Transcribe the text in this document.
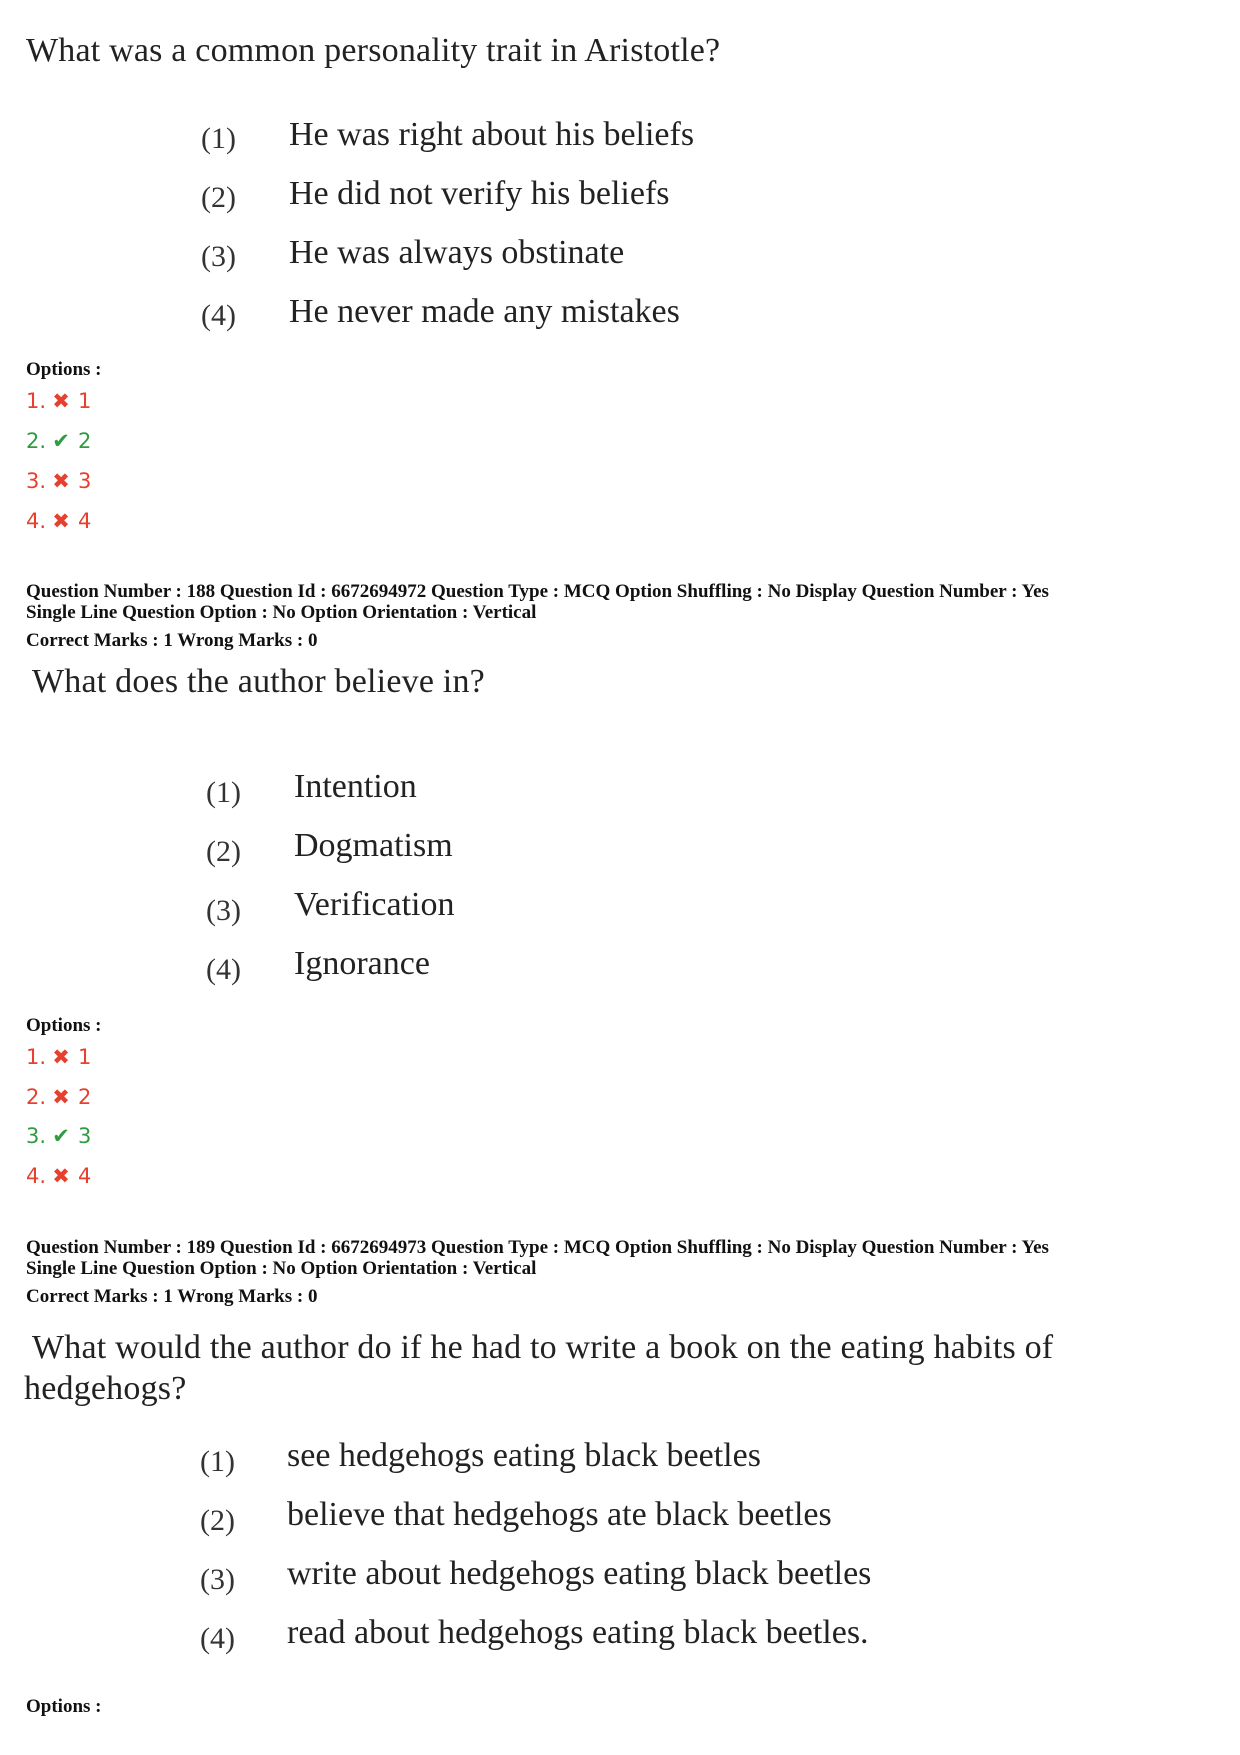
What was a common personality trait in Aristotle?
(1) He was right about his beliefs
(2) He did not verify his beliefs
(3) He was always obstinate
(4) He never made any mistakes
Options :
1. ✖ 1
2. ✔ 2
3. ✖ 3
4. ✖ 4
Question Number : 188 Question Id : 6672694972 Question Type : MCQ Option Shuffling : No Display Question Number : Yes
Single Line Question Option : No Option Orientation : Vertical
Correct Marks : 1 Wrong Marks : 0
What does the author believe in?
(1) Intention
(2) Dogmatism
(3) Verification
(4) Ignorance
Options :
1. ✖ 1
2. ✖ 2
3. ✔ 3
4. ✖ 4
Question Number : 189 Question Id : 6672694973 Question Type : MCQ Option Shuffling : No Display Question Number : Yes
Single Line Question Option : No Option Orientation : Vertical
Correct Marks : 1 Wrong Marks : 0
What would the author do if he had to write a book on the eating habits of
hedgehogs?
(1) see hedgehogs eating black beetles
(2) believe that hedgehogs ate black beetles
(3) write about hedgehogs eating black beetles
(4) read about hedgehogs eating black beetles.
Options :
